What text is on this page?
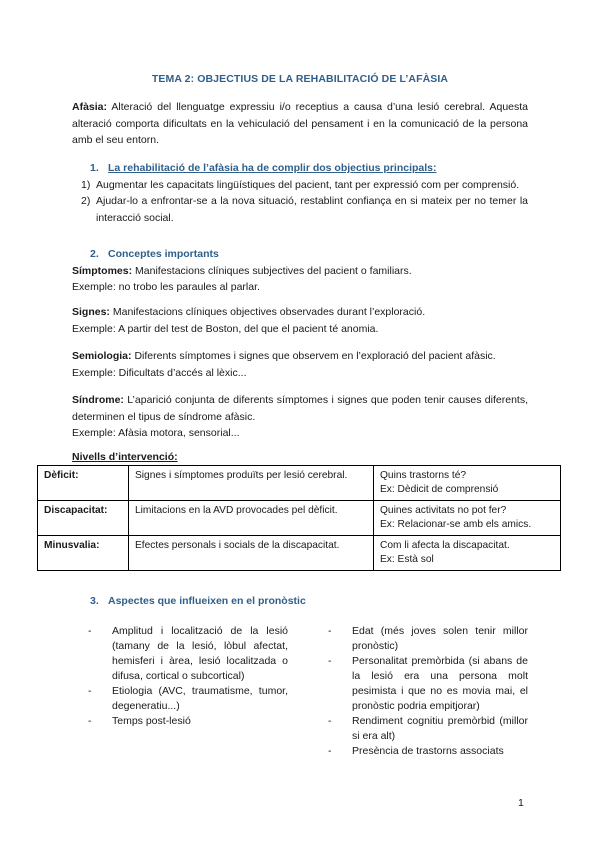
TEMA 2: OBJECTIUS DE LA REHABILITACIÓ DE L’AFÀSIA
Afàsia: Alteració del llenguatge expressiu i/o receptius a causa d’una lesió cerebral. Aquesta alteració comporta dificultats en la vehiculació del pensament i en la comunicació de la persona amb el seu entorn.
1. La rehabilitació de l’afàsia ha de complir dos objectius principals:
1) Augmentar les capacitats lingüístiques del pacient, tant per expressió com per comprensió.
2) Ajudar-lo a enfrontar-se a la nova situació, restablint confiança en si mateix per no temer la interacció social.
2. Conceptes importants
Símptomes: Manifestacions clíniques subjectives del pacient o familiars.
Exemple: no trobo les paraules al parlar.
Signes: Manifestacions clíniques objectives observades durant l’exploració.
Exemple: A partir del test de Boston, del que el pacient té anomia.
Semiologia: Diferents símptomes i signes que observem en l’exploració del pacient afàsic.
Exemple: Dificultats d’accés al lèxic...
Síndrome: L’aparició conjunta de diferents símptomes i signes que poden tenir causes diferents, determinen el tipus de síndrome afàsic.
Exemple: Afàsia motora, sensorial...
Nivells d’intervenció:
Dèficit:	Signes i símptomes produïts per lesió cerebral.	Quins trastorns té?
Ex: Dèdicit de comprensió

Discapacitat:	Limitacions en la AVD provocades pel dèficit.	Quines activitats no pot fer?
Ex: Relacionar-se amb els amics.

Minusvalia:	Efectes personals i socials de la discapacitat.	Com li afecta la discapacitat.
Ex: Està sol
3. Aspectes que influeixen en el pronòstic
- Amplitud i localització de la lesió (tamany de la lesió, lòbul afectat, hemisferi i àrea, lesió localitzada o difusa, cortical o subcortical)
- Etiologia (AVC, traumatisme, tumor, degeneratiu...)
- Temps post-lesió
- Edat (més joves solen tenir millor pronòstic)
- Personalitat premòrbida (si abans de la lesió era una persona molt pesimista i que no es movia mai, el pronòstic podria empitjorar)
- Rendiment cognitiu premòrbid (millor si era alt)
- Presència de trastorns associats
1
